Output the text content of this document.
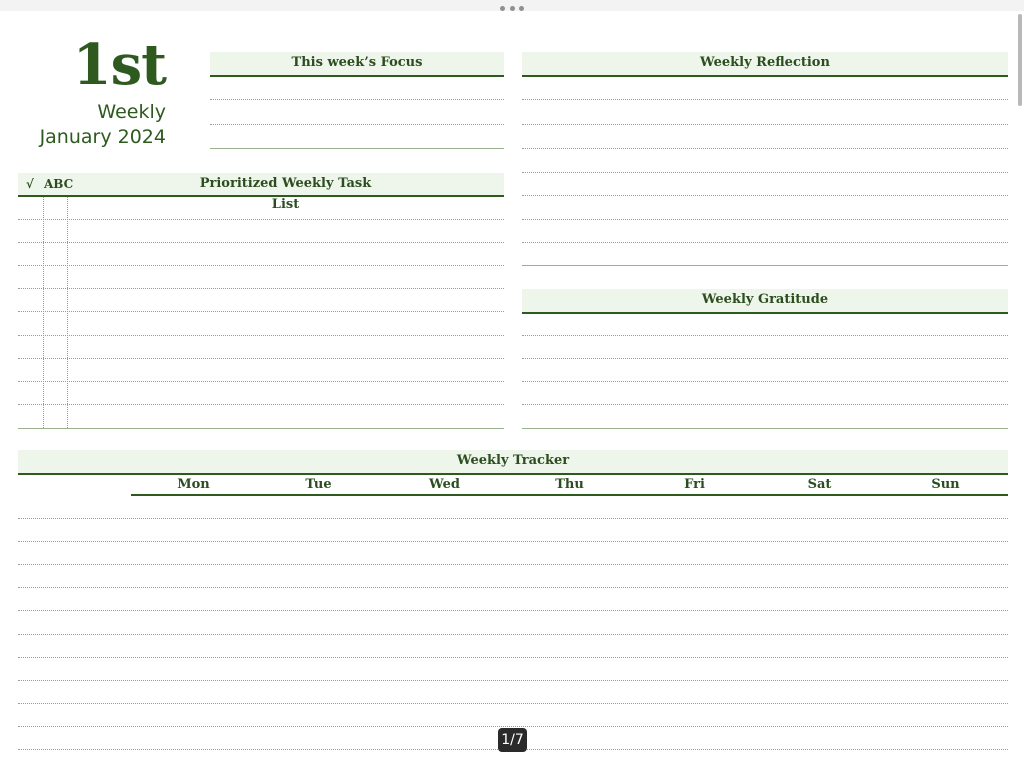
1st
Weekly
January 2024
This week’s Focus	Weekly Reflection
Prioritized Weekly Task List
√ ABC
Weekly Gratitude
Weekly Tracker
Mon	Tue	Wed	Thu	Fri	Sat	Sun
1/7
